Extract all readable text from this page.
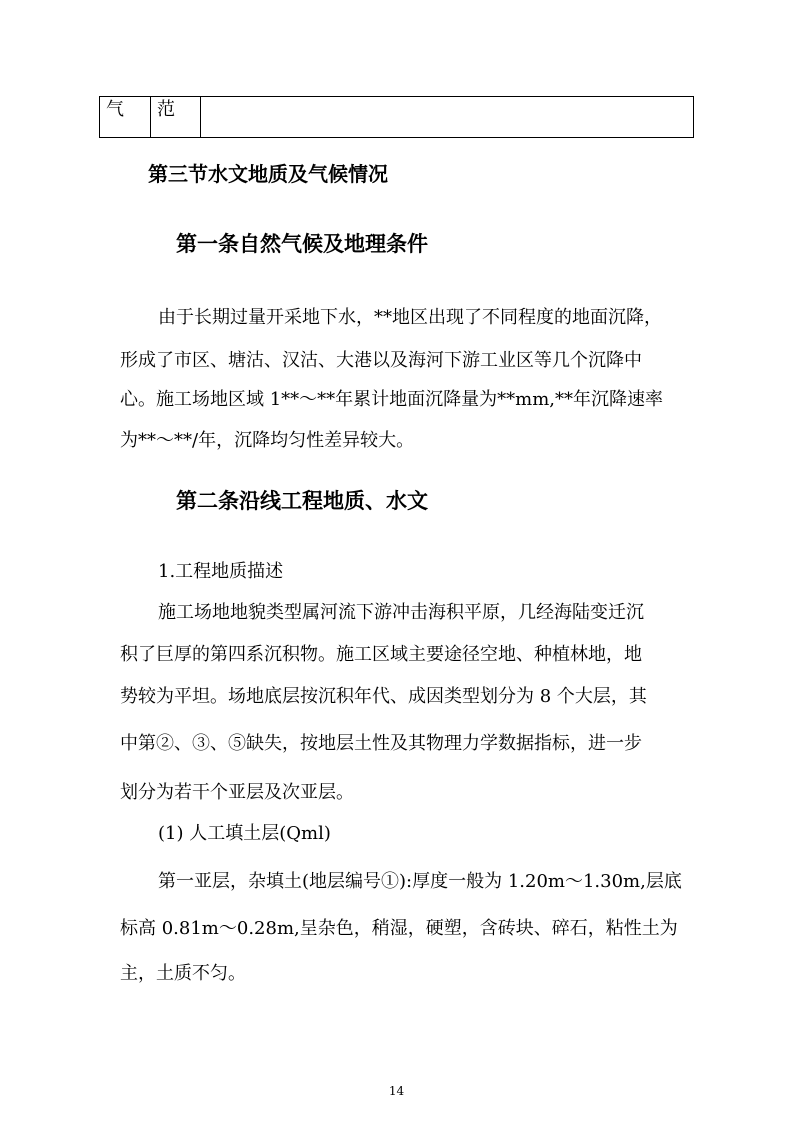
气	范	
第三节水文地质及气候情况
第一条自然气候及地理条件
由于长期过量开采地下水，**地区出现了不同程度的地面沉降，
形成了市区、塘沽、汉沽、大港以及海河下游工业区等几个沉降中
心。施工场地区域 1**～**年累计地面沉降量为**mm,**年沉降速率
为**～**/年，沉降均匀性差异较大。
第二条沿线工程地质、水文
1.工程地质描述
施工场地地貌类型属河流下游冲击海积平原，几经海陆变迁沉
积了巨厚的第四系沉积物。施工区域主要途径空地、种植林地，地
势较为平坦。场地底层按沉积年代、成因类型划分为 8 个大层，其
中第②、③、⑤缺失，按地层土性及其物理力学数据指标，进一步
划分为若干个亚层及次亚层。
(1) 人工填土层(Qml)
第一亚层，杂填土(地层编号①):厚度一般为 1.20m～1.30m,层底
标高 0.81m～0.28m,呈杂色，稍湿，硬塑，含砖块、碎石，粘性土为
主，土质不匀。
14
